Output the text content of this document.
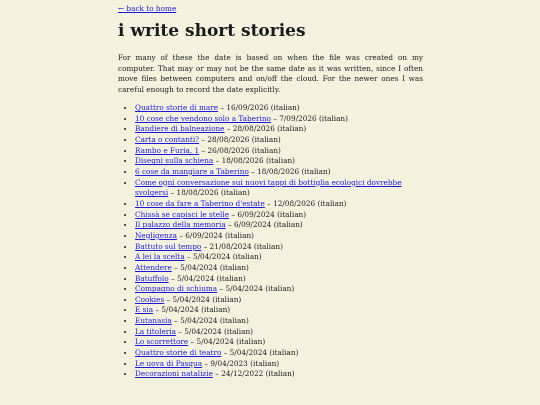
← back to home
i write short stories

For many of these the date is based on when the file was created on my computer. That may or may not be the same date as it was written, since I often move files between computers and on/off the cloud. For the newer ones I was careful enough to record the date explicitly.

• Quattro storie di mare – 16/09/2026 (italian)
• 10 cose che vendono solo a Taberino – 7/09/2026 (italian)
• Bandiere di balneazione – 28/08/2026 (italian)
• Carta o contanti? – 28/08/2026 (italian)
• Rambo e Furia, 1 – 26/08/2026 (italian)
• Disegni sulla schiena – 18/08/2026 (italian)
• 6 cose da mangiare a Taberino – 18/08/2026 (italian)
• Come ogni conversazione sui nuovi tappi di bottiglia ecologici dovrebbe svolgersi – 18/08/2026 (italian)
• 10 cose da fare a Taberino d'estate – 12/08/2026 (italian)
• Chissà se capisci le stelle – 6/09/2024 (italian)
• Il palazzo della memoria – 6/09/2024 (italian)
• Negligenza – 6/09/2024 (italian)
• Battuto sul tempo – 21/08/2024 (italian)
• A lei la scelta – 5/04/2024 (italian)
• Attendere – 5/04/2024 (italian)
• Batuffolo – 5/04/2024 (italian)
• Compagno di schiuma – 5/04/2024 (italian)
• Cookies – 5/04/2024 (italian)
• E sia – 5/04/2024 (italian)
• Eutanasia – 5/04/2024 (italian)
• La titoleria – 5/04/2024 (italian)
• Lo scorrettore – 5/04/2024 (italian)
• Quattro storie di teatro – 5/04/2024 (italian)
• Le uova di Pasqua – 9/04/2023 (italian)
• Decorazioni natalizie – 24/12/2022 (italian)
